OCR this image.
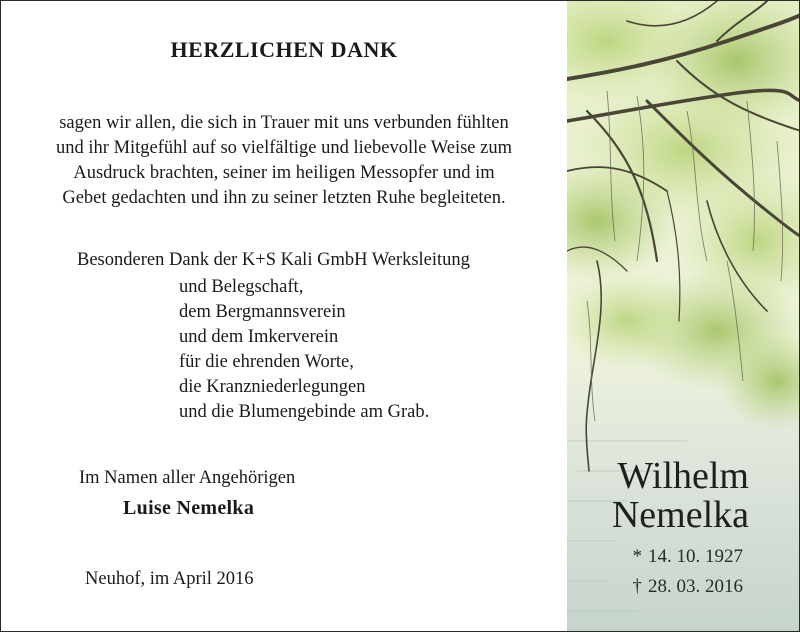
HERZLICHEN DANK
sagen wir allen, die sich in Trauer mit uns verbunden fühlten
und ihr Mitgefühl auf so vielfältige und liebevolle Weise zum
Ausdruck brachten, seiner im heiligen Messopfer und im
Gebet gedachten und ihn zu seiner letzten Ruhe begleiteten.
Besonderen Dank der K+S Kali GmbH Werksleitung
und Belegschaft,
dem Bergmannsverein
und dem Imkerverein
für die ehrenden Worte,
die Kranzniederlegungen
und die Blumengebinde am Grab.
Im Namen aller Angehörigen
Luise Nemelka
Neuhof, im April 2016
Wilhelm
Nemelka
* 14. 10. 1927
† 28. 03. 2016
